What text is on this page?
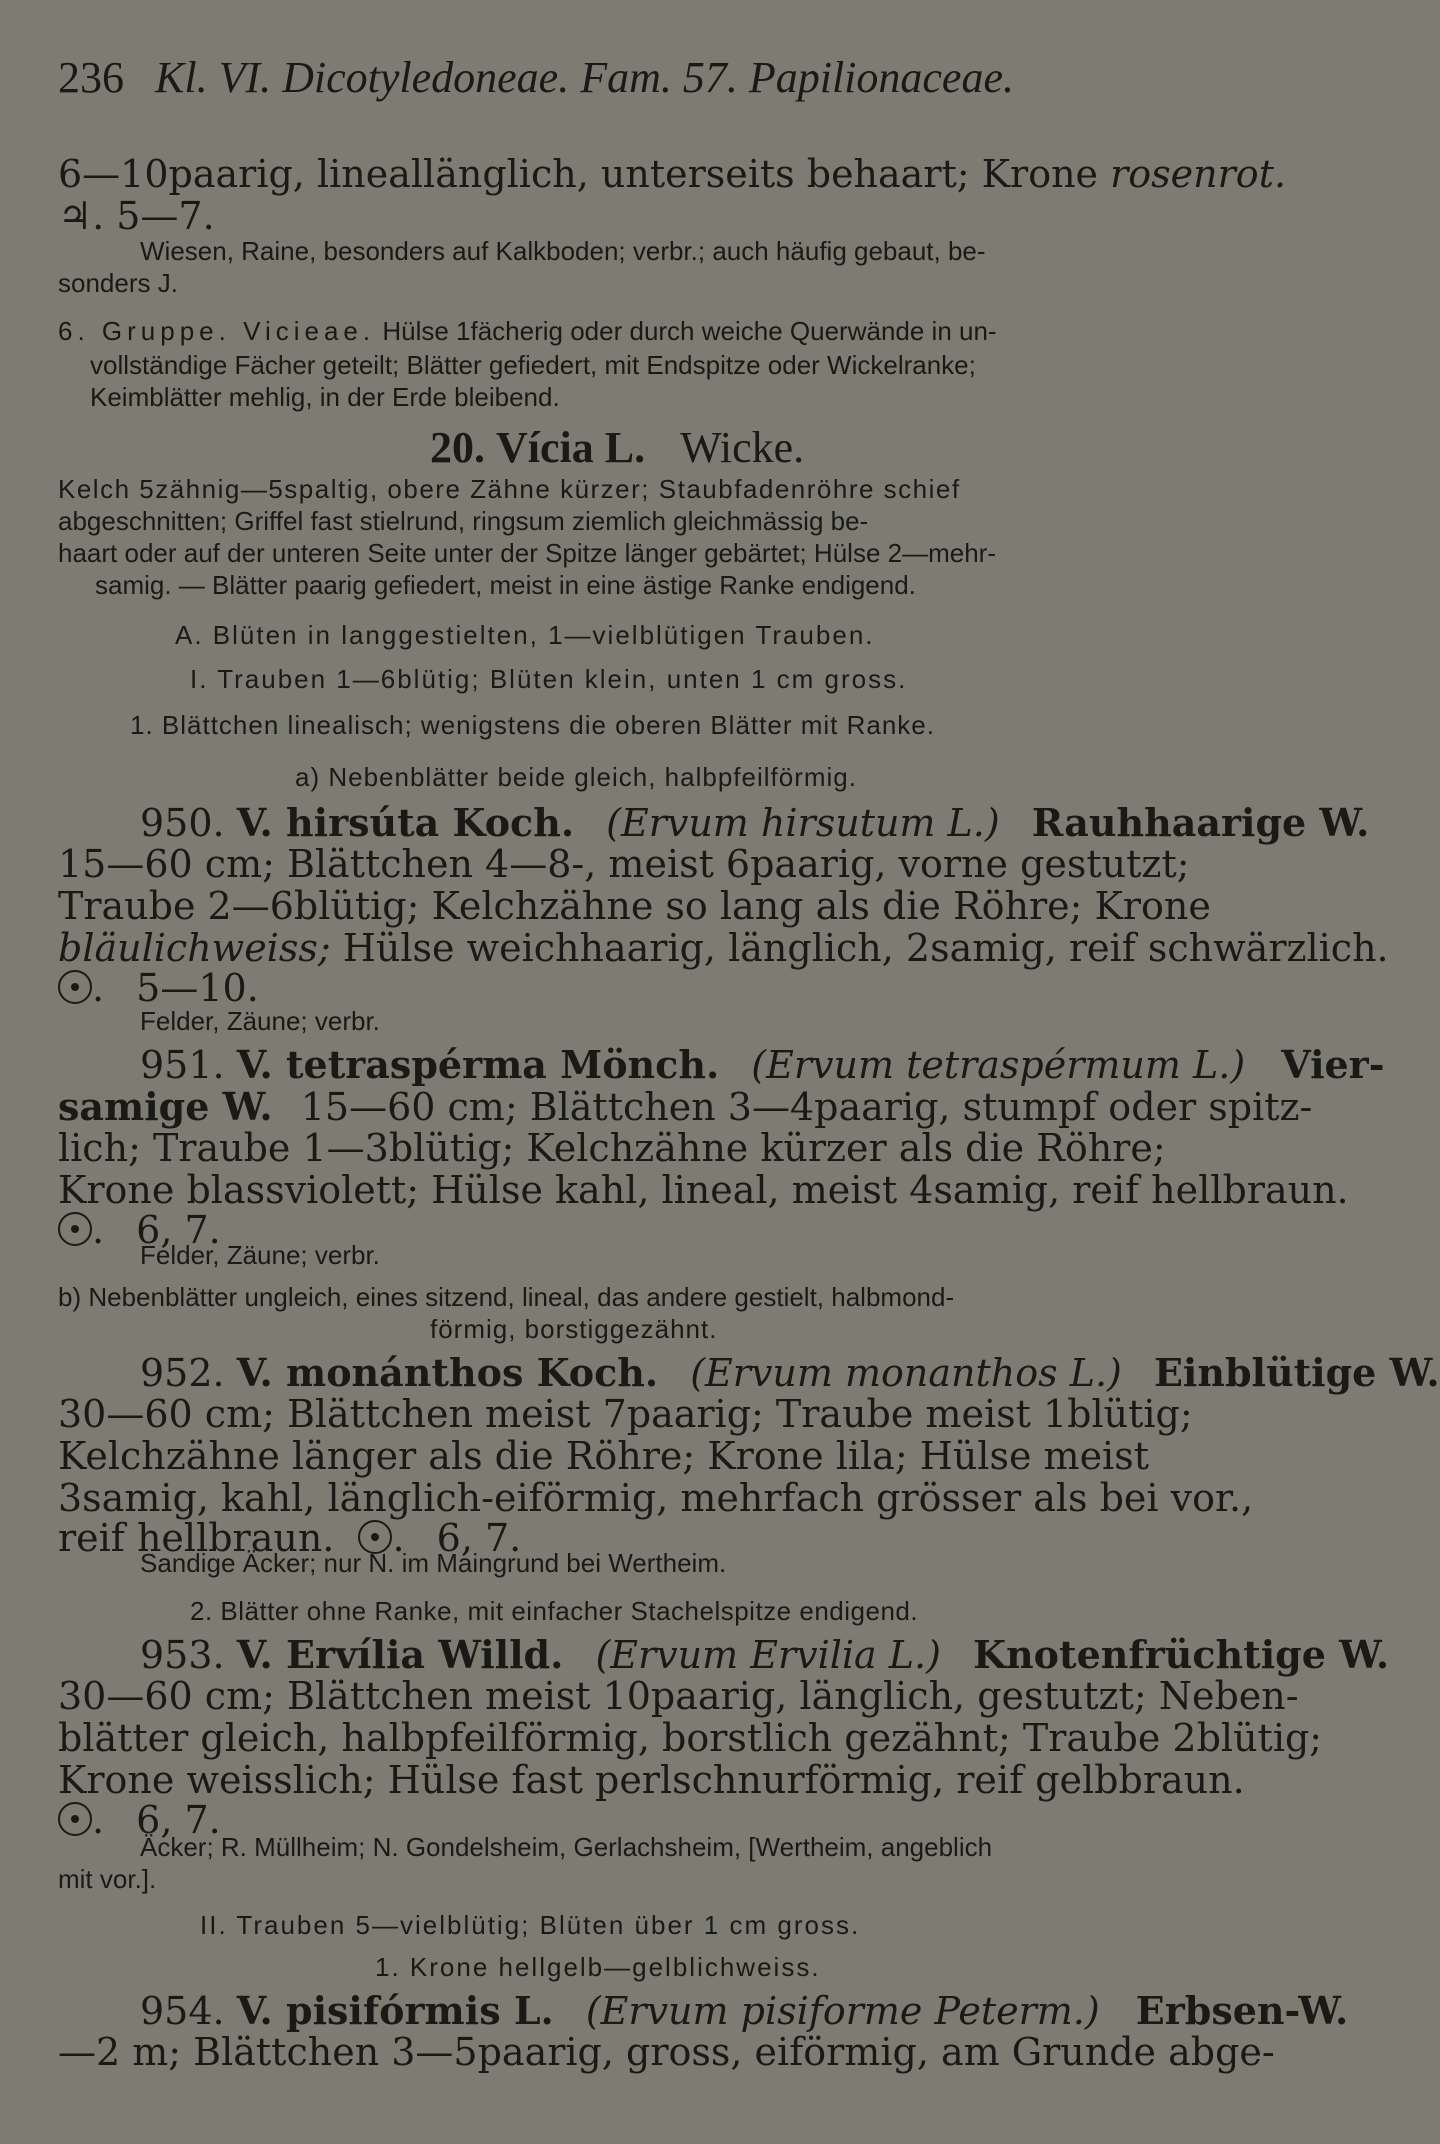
236 Kl. VI. Dicotyledoneae. Fam. 57. Papilionaceae.
6—10paarig, lineallänglich, unterseits behaart; Krone rosenrot.
♃. 5—7.
Wiesen, Raine, besonders auf Kalkboden; verbr.; auch häufig gebaut, be-
sonders J.
6. Gruppe. Vicieae. Hülse 1fächerig oder durch weiche Querwände in un-
vollständige Fächer geteilt; Blätter gefiedert, mit Endspitze oder Wickelranke;
Keimblätter mehlig, in der Erde bleibend.
20. Vícia L. Wicke.
Kelch 5zähnig—5spaltig, obere Zähne kürzer; Staubfadenröhre schief
abgeschnitten; Griffel fast stielrund, ringsum ziemlich gleichmässig be-
haart oder auf der unteren Seite unter der Spitze länger gebärtet; Hülse 2—mehr-
samig. — Blätter paarig gefiedert, meist in eine ästige Ranke endigend.
A. Blüten in langgestielten, 1—vielblütigen Trauben.
I. Trauben 1—6blütig; Blüten klein, unten 1 cm gross.
1. Blättchen linealisch; wenigstens die oberen Blätter mit Ranke.
a) Nebenblätter beide gleich, halbpfeilförmig.
950. V. hirsúta Koch. (Ervum hirsutum L.) Rauhhaarige W.
15—60 cm; Blättchen 4—8-, meist 6paarig, vorne gestutzt;
Traube 2—6blütig; Kelchzähne so lang als die Röhre; Krone
bläulichweiss; Hülse weichhaarig, länglich, 2samig, reif schwärzlich.
. 5—10.
Felder, Zäune; verbr.
951. V. tetraspérma Mönch. (Ervum tetraspérmum L.) Vier-
samige W. 15—60 cm; Blättchen 3—4paarig, stumpf oder spitz-
lich; Traube 1—3blütig; Kelchzähne kürzer als die Röhre;
Krone blassviolett; Hülse kahl, lineal, meist 4samig, reif hellbraun.
. 6, 7.
Felder, Zäune; verbr.
b) Nebenblätter ungleich, eines sitzend, lineal, das andere gestielt, halbmond-
förmig, borstiggezähnt.
952. V. monánthos Koch. (Ervum monanthos L.) Einblütige W.
30—60 cm; Blättchen meist 7paarig; Traube meist 1blütig;
Kelchzähne länger als die Röhre; Krone lila; Hülse meist
3samig, kahl, länglich-eiförmig, mehrfach grösser als bei vor.,
reif hellbraun. . 6, 7.
Sandige Äcker; nur N. im Maingrund bei Wertheim.
2. Blätter ohne Ranke, mit einfacher Stachelspitze endigend.
953. V. Ervília Willd. (Ervum Ervilia L.) Knotenfrüchtige W.
30—60 cm; Blättchen meist 10paarig, länglich, gestutzt; Neben-
blätter gleich, halbpfeilförmig, borstlich gezähnt; Traube 2blütig;
Krone weisslich; Hülse fast perlschnurförmig, reif gelbbraun.
. 6, 7.
Äcker; R. Müllheim; N. Gondelsheim, Gerlachsheim, [Wertheim, angeblich
mit vor.].
II. Trauben 5—vielblütig; Blüten über 1 cm gross.
1. Krone hellgelb—gelblichweiss.
954. V. pisifórmis L. (Ervum pisiforme Peterm.) Erbsen-W.
—2 m; Blättchen 3—5paarig, gross, eiförmig, am Grunde abge-
